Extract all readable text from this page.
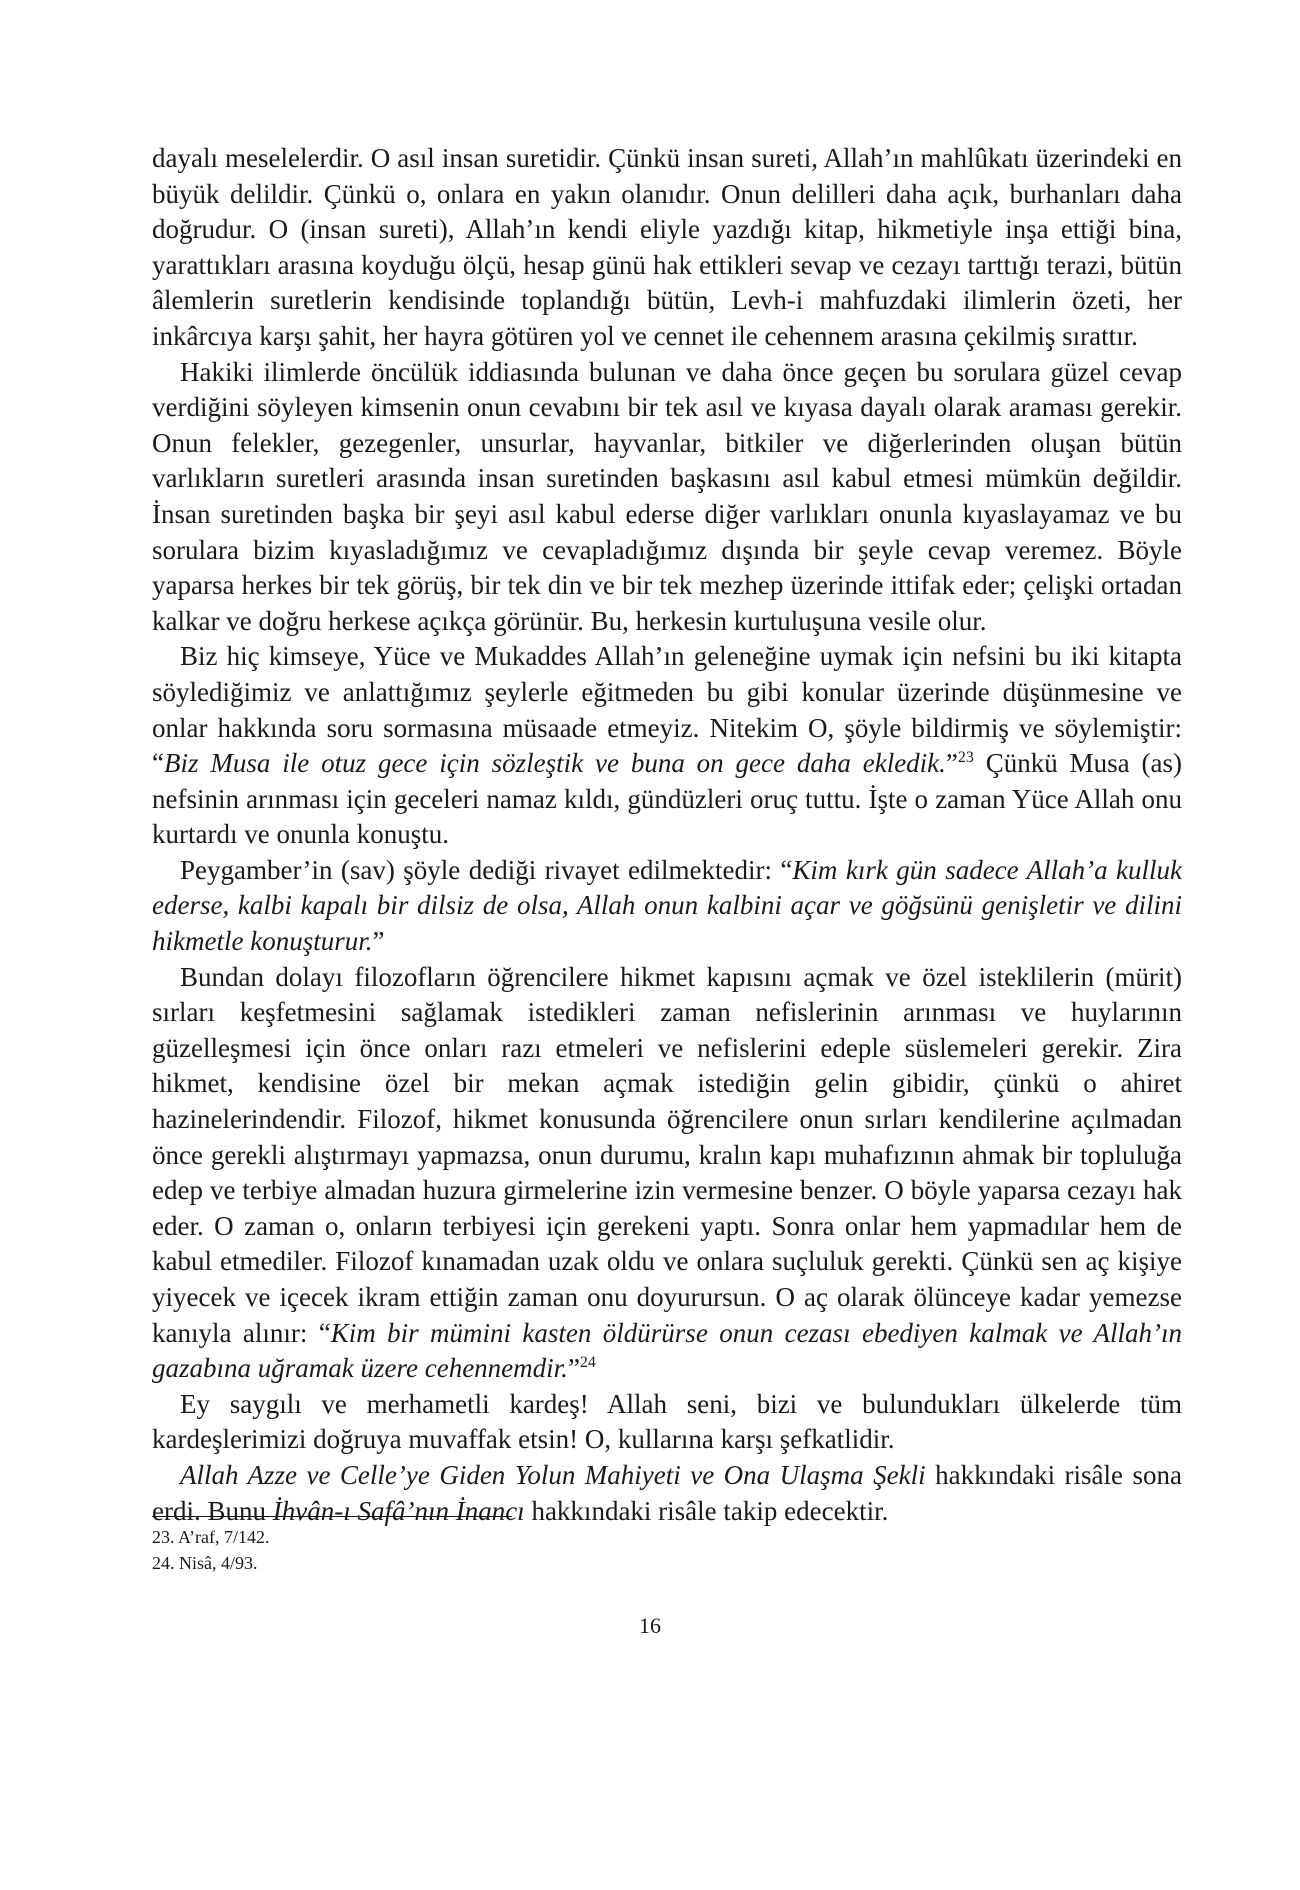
dayalı meselelerdir. O asıl insan suretidir. Çünkü insan sureti, Allah’ın mahlûkatı üzerindeki en büyük delildir. Çünkü o, onlara en yakın olanıdır. Onun delilleri daha açık, burhanları daha doğrudur. O (insan sureti), Allah’ın kendi eliyle yazdığı kitap, hikmetiyle inşa ettiği bina, yarattıkları arasına koyduğu ölçü, hesap günü hak ettikleri sevap ve cezayı tarttığı terazi, bütün âlemlerin suretlerin kendisinde toplandığı bütün, Levh-i mahfuzdaki ilimlerin özeti, her inkârcıya karşı şahit, her hayra götüren yol ve cennet ile cehennem arasına çekilmiş sırattır.

Hakiki ilimlerde öncülük iddiasında bulunan ve daha önce geçen bu sorulara güzel cevap verdiğini söyleyen kimsenin onun cevabını bir tek asıl ve kıyasa dayalı olarak araması gerekir. Onun felekler, gezegenler, unsurlar, hayvanlar, bitkiler ve diğerlerinden oluşan bütün varlıkların suretleri arasında insan suretinden başkasını asıl kabul etmesi mümkün değildir. İnsan suretinden başka bir şeyi asıl kabul ederse diğer varlıkları onunla kıyaslayamaz ve bu sorulara bizim kıyasladığımız ve cevapladığımız dışında bir şeyle cevap veremez. Böyle yaparsa herkes bir tek görüş, bir tek din ve bir tek mezhep üzerinde ittifak eder; çelişki ortadan kalkar ve doğru herkese açıkça görünür. Bu, herkesin kurtuluşuna vesile olur.

Biz hiç kimseye, Yüce ve Mukaddes Allah’ın geleneğine uymak için nefsini bu iki kitapta söylediğimiz ve anlattığımız şeylerle eğitmeden bu gibi konular üzerinde düşünmesine ve onlar hakkında soru sormasına müsaade etmeyiz. Nitekim O, şöyle bildirmiş ve söylemiştir: “Biz Musa ile otuz gece için sözleştik ve buna on gece daha ekledik.”$^{23}$ Çünkü Musa (as) nefsinin arınması için geceleri namaz kıldı, gündüzleri oruç tuttu. İşte o zaman Yüce Allah onu kurtardı ve onunla konuştu.

Peygamber’in (sav) şöyle dediği rivayet edilmektedir: “Kim kırk gün sadece Allah’a kulluk ederse, kalbi kapalı bir dilsiz de olsa, Allah onun kalbini açar ve göğsünü genişletir ve dilini hikmetle konuşturur.”

Bundan dolayı filozofların öğrencilere hikmet kapısını açmak ve özel isteklilerin (mürit) sırları keşfetmesini sağlamak istedikleri zaman nefislerinin arınması ve huylarının güzelleşmesi için önce onları razı etmeleri ve nefislerini edeple süslemeleri gerekir. Zira hikmet, kendisine özel bir mekan açmak istediğin gelin gibidir, çünkü o ahiret hazinelerindendir. Filozof, hikmet konusunda öğrencilere onun sırları kendilerine açılmadan önce gerekli alıştırmayı yapmazsa, onun durumu, kralın kapı muhafızının ahmak bir topluluğa edep ve terbiye almadan huzura girmelerine izin vermesine benzer. O böyle yaparsa cezayı hak eder. O zaman o, onların terbiyesi için gerekeni yaptı. Sonra onlar hem yapmadılar hem de kabul etmediler. Filozof kınamadan uzak oldu ve onlara suçluluk gerekti. Çünkü sen aç kişiye yiyecek ve içecek ikram ettiğin zaman onu doyurursun. O aç olarak ölünceye kadar yemezse kanıyla alınır: “Kim bir mümini kasten öldürürse onun cezası ebediyen kalmak ve Allah’ın gazabına uğramak üzere cehennemdir.”$^{24}$

Ey saygılı ve merhametli kardeş! Allah seni, bizi ve bulundukları ülkelerde tüm kardeşlerimizi doğruya muvaffak etsin! O, kullarına karşı şefkatlidir.

Allah Azze ve Celle’ye Giden Yolun Mahiyeti ve Ona Ulaşma Şekli hakkındaki risâle sona erdi. Bunu İhvân-ı Safâ’nın İnancı hakkındaki risâle takip edecektir.

23. A’raf, 7/142.
24. Nisâ, 4/93.
16
